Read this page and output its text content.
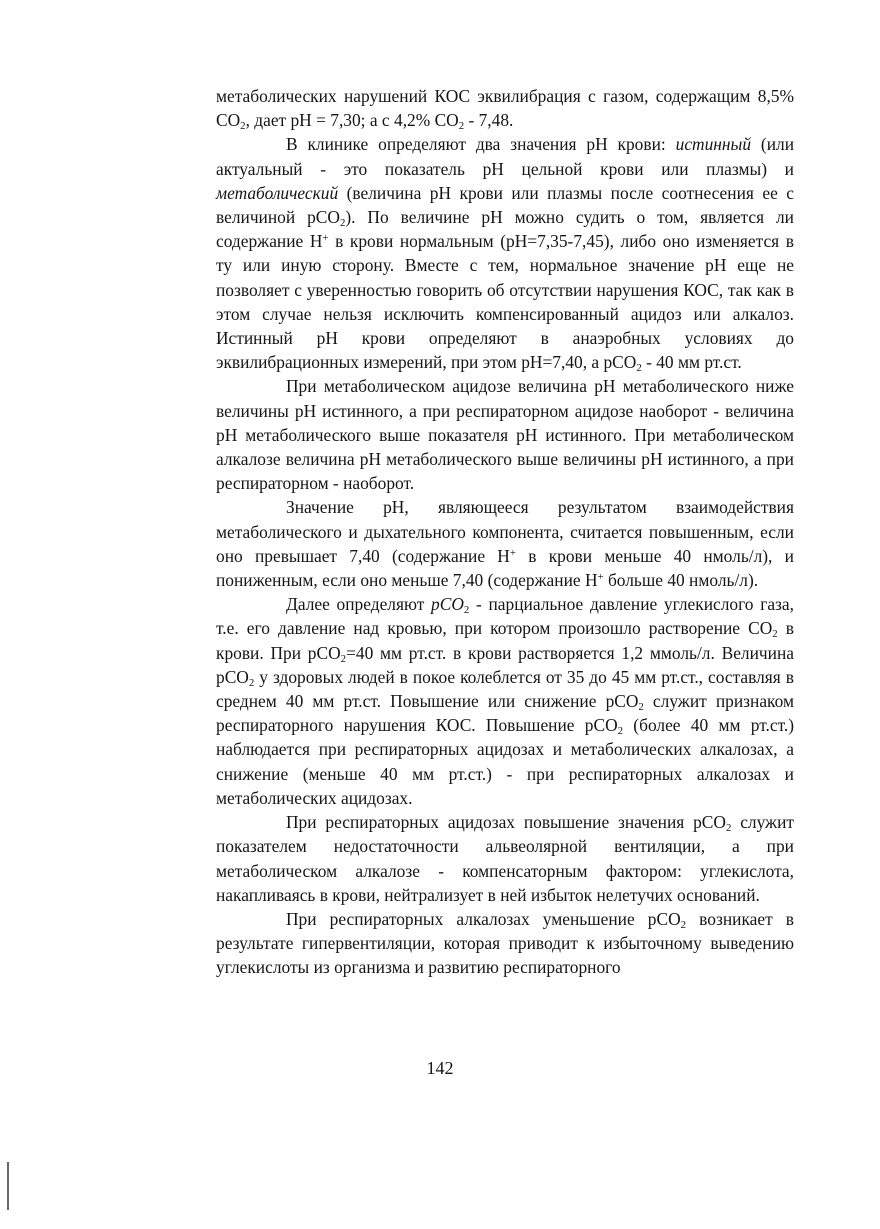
метаболических нарушений КОС эквилибрация с газом, содержащим 8,5% $CO_2$, дает pH = 7,30; а с 4,2% $CO_2 - 7,48$.

В клинике определяют два значения pH крови: истинный (или актуальный - это показатель pH цельной крови или плазмы) и метаболический (величина pH крови или плазмы после соотнесения ее с величиной pCO$_2$). По величине pH можно судить о том, является ли содержание H+ в крови нормальным (pH=7,35-7,45), либо оно изменяется в ту или иную сторону. Вместе с тем, нормальное значение pH еще не позволяет с уверенностью говорить об отсутствии нарушения КОС, так как в этом случае нельзя исключить компенсированный ацидоз или алкалоз. Истинный pH крови определяют в анаэробных условиях до эквилибрационных измерений, при этом pH=7,40, а pCO$_2$ - 40 мм рт.ст.

При метаболическом ацидозе величина pH метаболического ниже величины pH истинного, а при респираторном ацидозе наоборот - величина pH метаболического выше показателя pH истинного. При метаболическом алкалозе величина pH метаболического выше величины pH истинного, а при респираторном - наоборот.

Значение pH, являющееся результатом взаимодействия метаболического и дыхательного компонента, считается повышенным, если оно превышает 7,40 (содержание H+ в крови меньше 40 нмоль/л), и пониженным, если оно меньше 7,40 (содержание H+ больше 40 нмоль/л).

Далее определяют pCO$_2$ - парциальное давление углекислого газа, т.е. его давление над кровью, при котором произошло растворение $CO_2$ в крови. При pCO$_2$=40 мм рт.ст. в крови растворяется 1,2 ммоль/л. Величина pCO$_2$ у здоровых людей в покое колеблется от 35 до 45 мм рт.ст., составляя в среднем 40 мм рт.ст. Повышение или снижение pCO$_2$ служит признаком респираторного нарушения КОС. Повышение pCO$_2$ (более 40 мм рт.ст.) наблюдается при респираторных ацидозах и метаболических алкалозах, а снижение (меньше 40 мм рт.ст.) - при респираторных алкалозах и метаболических ацидозах.

При респираторных ацидозах повышение значения pCO$_2$ служит показателем недостаточности альвеолярной вентиляции, а при метаболическом алкалозе - компенсаторным фактором: углекислота, накапливаясь в крови, нейтрализует в ней избыток нелетучих оснований.

При респираторных алкалозах уменьшение pCO$_2$ возникает в результате гипервентиляции, которая приводит к избыточному выведению углекислоты из организма и развитию респираторного

142
